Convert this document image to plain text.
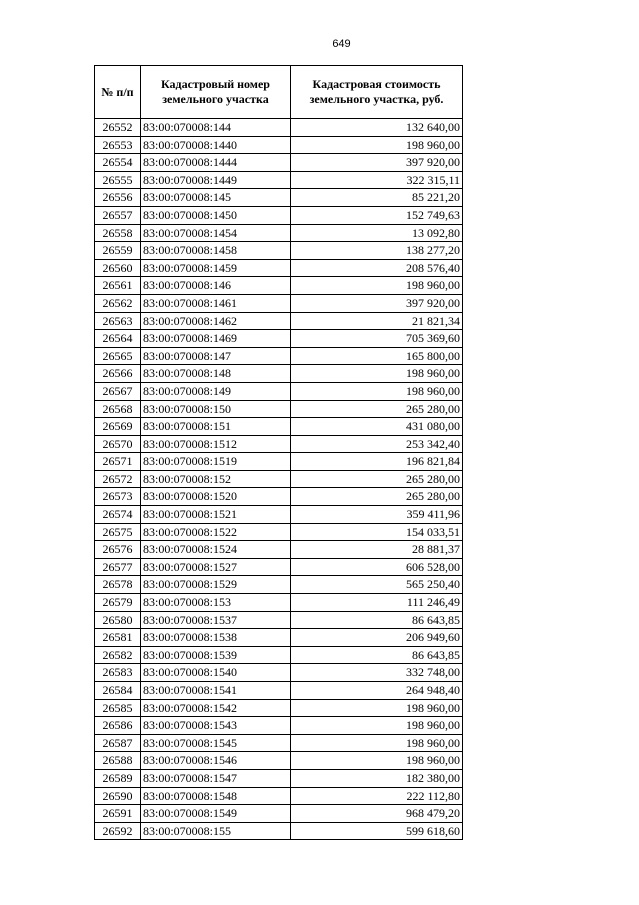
649
№ п/п	Кадастровый номер земельного участка	Кадастровая стоимость земельного участка, руб.
26552	83:00:070008:144	132 640,00
26553	83:00:070008:1440	198 960,00
26554	83:00:070008:1444	397 920,00
26555	83:00:070008:1449	322 315,11
26556	83:00:070008:145	85 221,20
26557	83:00:070008:1450	152 749,63
26558	83:00:070008:1454	13 092,80
26559	83:00:070008:1458	138 277,20
26560	83:00:070008:1459	208 576,40
26561	83:00:070008:146	198 960,00
26562	83:00:070008:1461	397 920,00
26563	83:00:070008:1462	21 821,34
26564	83:00:070008:1469	705 369,60
26565	83:00:070008:147	165 800,00
26566	83:00:070008:148	198 960,00
26567	83:00:070008:149	198 960,00
26568	83:00:070008:150	265 280,00
26569	83:00:070008:151	431 080,00
26570	83:00:070008:1512	253 342,40
26571	83:00:070008:1519	196 821,84
26572	83:00:070008:152	265 280,00
26573	83:00:070008:1520	265 280,00
26574	83:00:070008:1521	359 411,96
26575	83:00:070008:1522	154 033,51
26576	83:00:070008:1524	28 881,37
26577	83:00:070008:1527	606 528,00
26578	83:00:070008:1529	565 250,40
26579	83:00:070008:153	111 246,49
26580	83:00:070008:1537	86 643,85
26581	83:00:070008:1538	206 949,60
26582	83:00:070008:1539	86 643,85
26583	83:00:070008:1540	332 748,00
26584	83:00:070008:1541	264 948,40
26585	83:00:070008:1542	198 960,00
26586	83:00:070008:1543	198 960,00
26587	83:00:070008:1545	198 960,00
26588	83:00:070008:1546	198 960,00
26589	83:00:070008:1547	182 380,00
26590	83:00:070008:1548	222 112,80
26591	83:00:070008:1549	968 479,20
26592	83:00:070008:155	599 618,60
